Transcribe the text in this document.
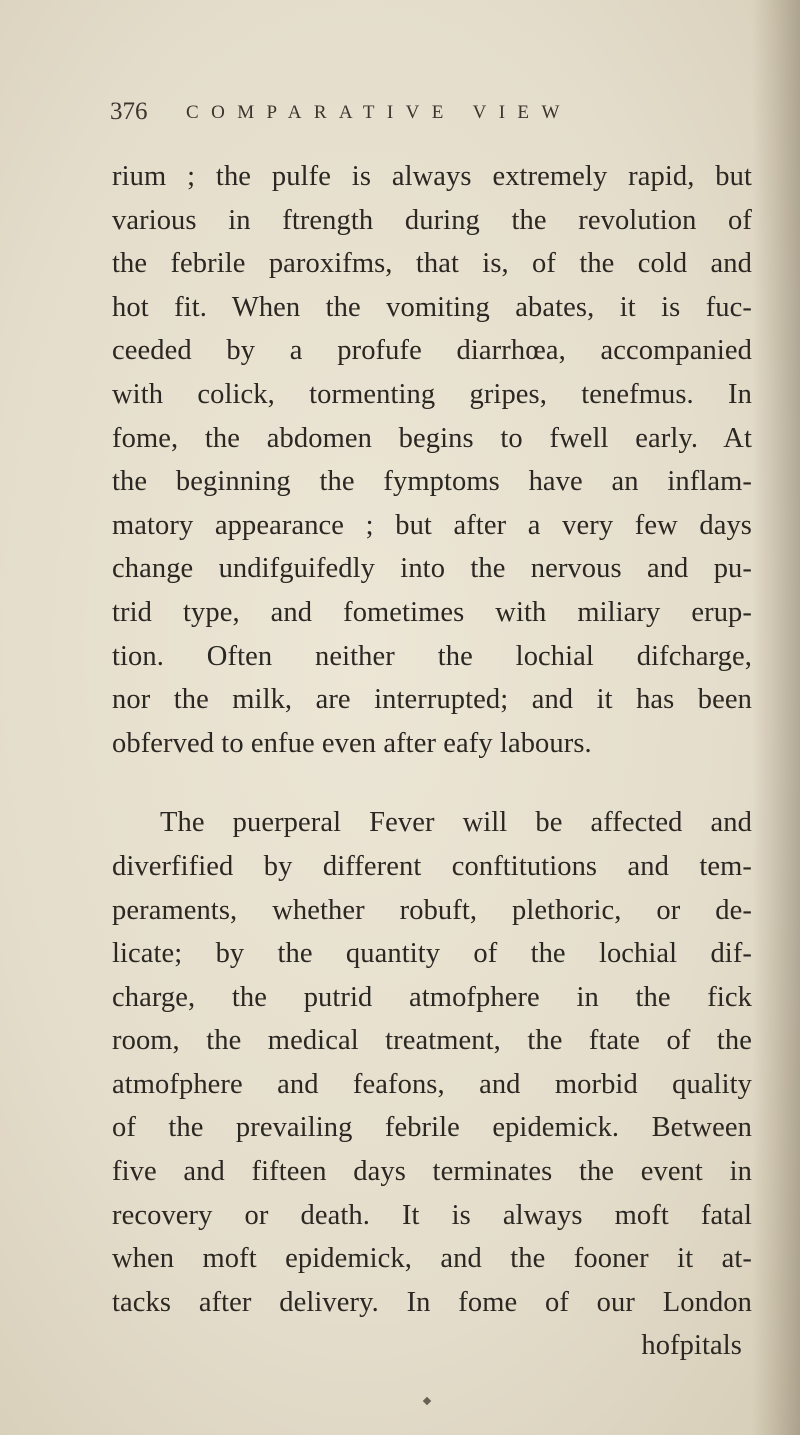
376 COMPARATIVE VIEW
rium ; the pulfe is always extremely rapid, but
various in ftrength during the revolution of
the febrile paroxifms, that is, of the cold and
hot fit. When the vomiting abates, it is fuc-
ceeded by a profufe diarrhœa, accompanied
with colick, tormenting gripes, tenefmus. In
fome, the abdomen begins to fwell early. At
the beginning the fymptoms have an inflam-
matory appearance ; but after a very few days
change undifguifedly into the nervous and pu-
trid type, and fometimes with miliary erup-
tion. Often neither the lochial difcharge,
nor the milk, are interrupted; and it has been
obferved to enfue even after eafy labours.
The puerperal Fever will be affected and
diverfified by different conftitutions and tem-
peraments, whether robuft, plethoric, or de-
licate; by the quantity of the lochial dif-
charge, the putrid atmofphere in the fick
room, the medical treatment, the ftate of the
atmofphere and feafons, and morbid quality
of the prevailing febrile epidemick. Between
five and fifteen days terminates the event in
recovery or death. It is always moft fatal
when moft epidemick, and the fooner it at-
tacks after delivery. In fome of our London
hofpitals
